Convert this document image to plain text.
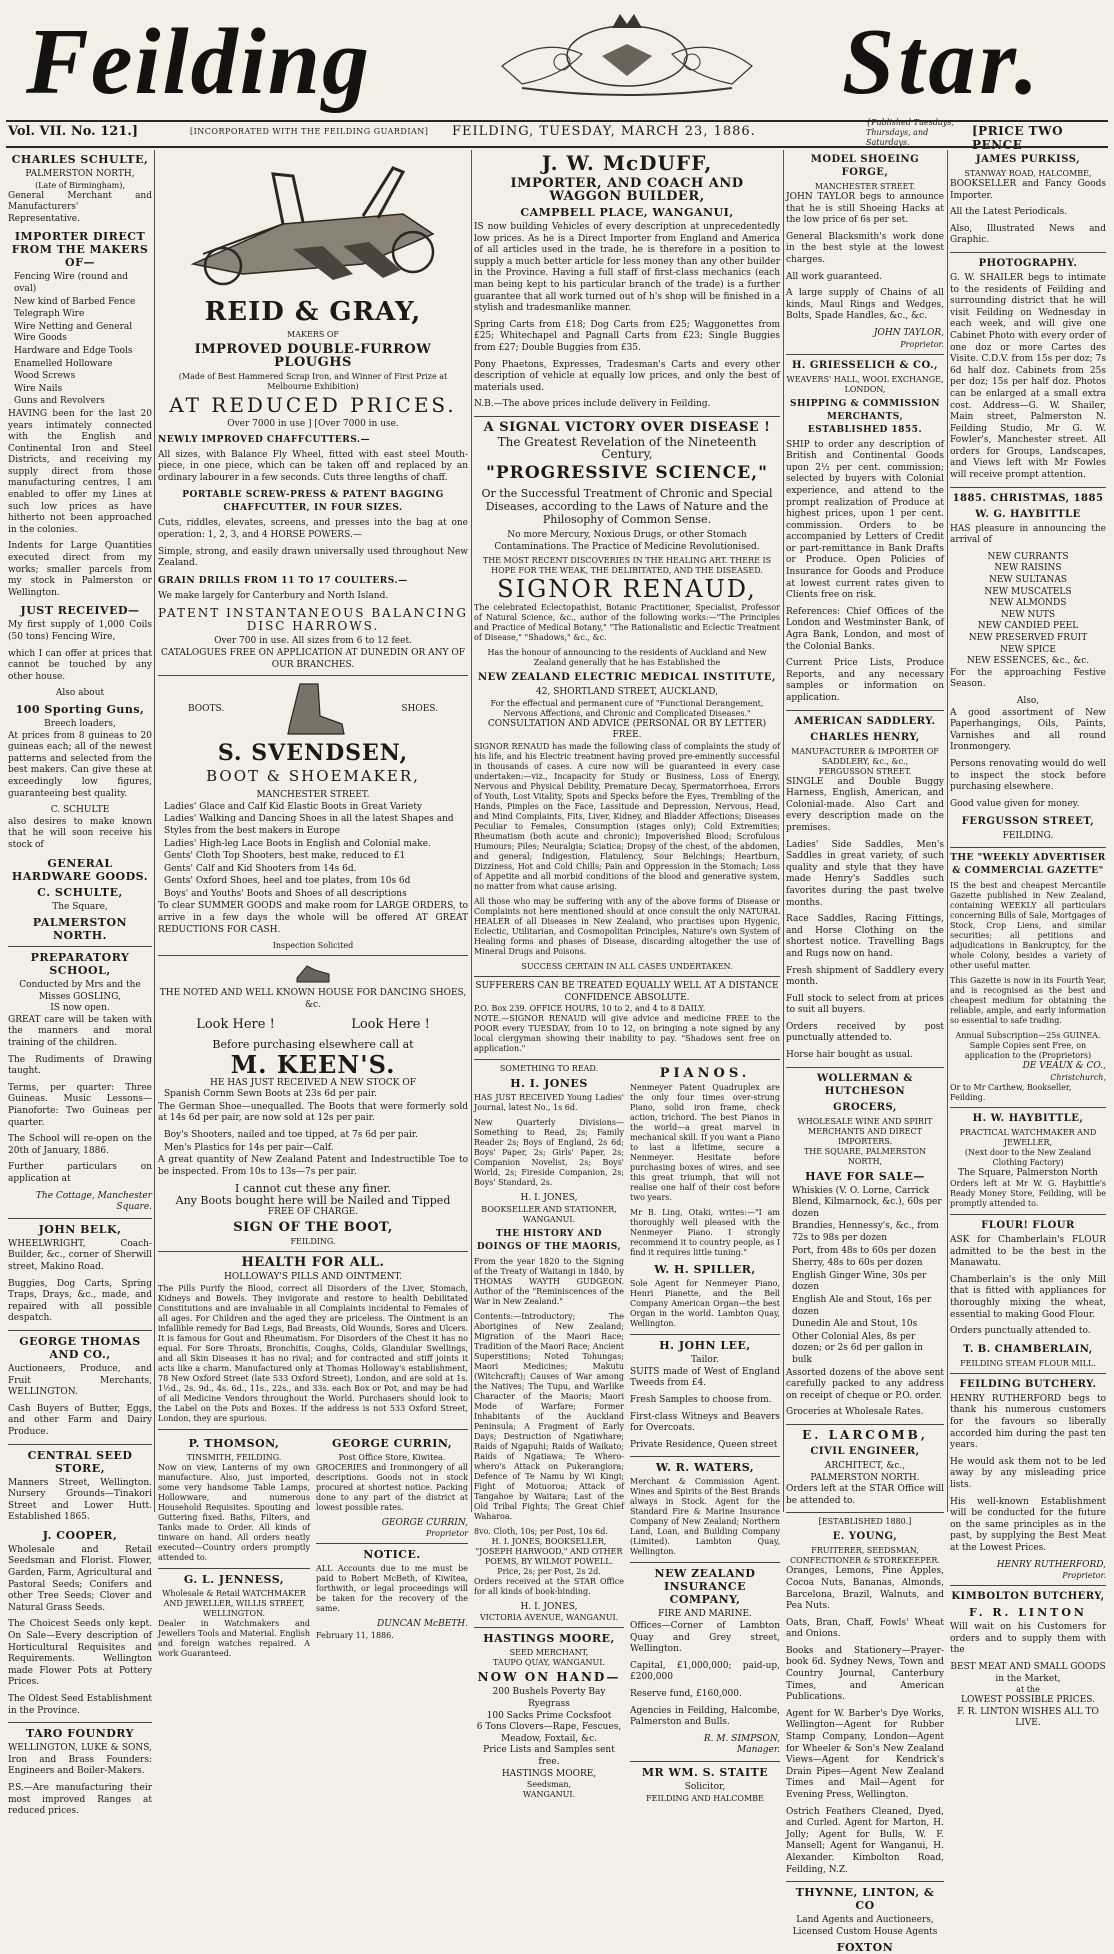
Feilding	Star.
Vol. VII. No. 121.]	[INCORPORATED WITH THE FEILDING GUARDIAN] FEILDING, TUESDAY, MARCH 23, 1886.
{Published Tuesdays, Thursdays, and Saturdays.
[PRICE TWO PENCE
CHARLES SCHULTE,
PALMERSTON NORTH,
(Late of Birmingham),

General Merchant and Manufacturers' Representative.

IMPORTER DIRECT FROM THE MAKERS OF—
Fencing Wire (round and oval)
New kind of Barbed Fence
Telegraph Wire
Wire Netting and General Wire Goods
Hardware and Edge Tools
Enamelled Holloware
Wood Screws
Wire Nails
Guns and Revolvers

HAVING been for the last 20 years intimately connected with the English and Continental Iron and Steel Districts, and receiving my supply direct from those manufacturing centres, I am enabled to offer my Lines at such low prices as have hitherto not been approached in the colonies.

Indents for Large Quantities executed direct from my works; smaller parcels from my stock in Palmerston or Wellington.

JUST RECEIVED—

My first supply of 1,000 Coils (50 tons) Fencing Wire,

which I can offer at prices that cannot be touched by any other house.

Also about
100 Sporting Guns,
Breech loaders,

At prices from 8 guineas to 20 guineas each; all of the newest patterns and selected from the best makers. Can give these at exceedingly low figures, guaranteeing best quality.

C. SCHULTE

also desires to make known that he will soon receive his stock of

GENERAL HARDWARE GOODS.
C. SCHULTE,
The Square,
PALMERSTON NORTH.
PREPARATORY SCHOOL,
Conducted by Mrs and the Misses GOSLING,
IS now open.

GREAT care will be taken with the manners and moral training of the children.

The Rudiments of Drawing taught.

Terms, per quarter: Three Guineas. Music Lessons—Pianoforte: Two Guineas per quarter.

The School will re-open on the 20th of January, 1886.

Further particulars on application at

The Cottage, Manchester Square.
JOHN BELK,

WHEELWRIGHT, Coach-Builder, &c., corner of Sherwill street, Makino Road.

Buggies, Dog Carts, Spring Traps, Drays, &c., made, and repaired with all possible despatch.

GEORGE THOMAS AND CO.,

Auctioneers, Produce, and Fruit Merchants, WELLINGTON.

Cash Buyers of Butter, Eggs, and other Farm and Dairy Produce.

CENTRAL SEED STORE,

Manners Street, Wellington. Nursery Grounds—Tinakori Street and Lower Hutt. Established 1865.

J. COOPER,

Wholesale and Retail Seedsman and Florist. Flower, Garden, Farm, Agricultural and Pastoral Seeds; Conifers and other Tree Seeds; Clover and Natural Grass Seeds.

The Choicest Seeds only kept. On Sale—Every description of Horticultural Requisites and Requirements. Wellington made Flower Pots at Pottery Prices.

The Oldest Seed Establishment in the Province.

TARO FOUNDRY

WELLINGTON, LUKE & SONS, Iron and Brass Founders: Engineers and Boiler-Makers.

P.S.—Are manufacturing their most improved Ranges at reduced prices.

REID & GRAY,
MAKERS OF
IMPROVED DOUBLE-FURROW PLOUGHS
(Made of Best Hammered Scrap Iron, and Winner of First Prize at Melbourne Exhibition)
AT REDUCED PRICES.
Over 7000 in use ] [Over 7000 in use.
NEWLY IMPROVED CHAFFCUTTERS.—

All sizes, with Balance Fly Wheel, fitted with east steel Mouth-piece, in one piece, which can be taken off and replaced by an ordinary labourer in a few seconds. Cuts three lengths of chaff.

PORTABLE SCREW-PRESS & PATENT BAGGING CHAFFCUTTER, IN FOUR SIZES.

Cuts, riddles, elevates, screens, and presses into the bag at one operation: 1, 2, 3, and 4 HORSE POWERS.—

Simple, strong, and easily drawn universally used throughout New Zealand.

GRAIN DRILLS FROM 11 TO 17 COULTERS.—

We make largely for Canterbury and North Island.

PATENT INSTANTANEOUS BALANCING DISC HARROWS.
Over 700 in use. All sizes from 6 to 12 feet.
CATALOGUES FREE ON APPLICATION AT DUNEDIN OR ANY OF OUR BRANCHES.
BOOTS.	SHOES.
S. SVENDSEN,
BOOT & SHOEMAKER,
MANCHESTER STREET.
Ladies' Glace and Calf Kid Elastic Boots in Great Variety
Ladies' Walking and Dancing Shoes in all the latest Shapes and Styles from the best makers in Europe
Ladies' High-leg Lace Boots in English and Colonial make.
Gents' Cloth Top Shooters, best make, reduced to £1
Gents' Calf and Kid Shooters from 14s 6d.
Gents' Oxford Shoes, heel and toe plates, from 10s 6d
Boys' and Youths' Boots and Shoes of all descriptions

To clear SUMMER GOODS and make room for LARGE ORDERS, to arrive in a few days the whole will be offered AT GREAT REDUCTIONS FOR CASH.

Inspection Solicited
THE NOTED AND WELL KNOWN HOUSE FOR DANCING SHOES, &c.
Look Here !	Look Here !
Before purchasing elsewhere call at
M. KEEN'S.
HE HAS JUST RECEIVED A NEW STOCK OF
Spanish Cornm Sewn Boots at 23s 6d per pair.

The German Shoe—unequalled. The Boots that were formerly sold at 14s 6d per pair, are now sold at 12s per pair.

Boy's Shooters, nailed and toe tipped, at 7s 6d per pair.
Men's Plastics for 14s per pair—Calf.

A great quantity of New Zealand Patent and Indestructible Toe to be inspected. From 10s to 13s—7s per pair.

I cannot cut these any finer.
Any Boots bought here will be Nailed and Tipped
FREE OF CHARGE.
SIGN OF THE BOOT,
FEILDING.
HEALTH FOR ALL.
HOLLOWAY'S PILLS AND OINTMENT.

The Pills Purify the Blood, correct all Disorders of the Liver, Stomach, Kidneys and Bowels. They invigorate and restore to health Debilitated Constitutions and are invaluable in all Complaints incidental to Females of all ages. For Children and the aged they are priceless. The Ointment is an infallible remedy for Bad Legs, Bad Breasts, Old Wounds, Sores and Ulcers. It is famous for Gout and Rheumatism. For Disorders of the Chest it has no equal. For Sore Throats, Bronchitis, Coughs, Colds, Glandular Swellings, and all Skin Diseases it has no rival; and for contracted and stiff joints it acts like a charm. Manufactured only at Thomas Holloway's establishment, 78 New Oxford Street (late 533 Oxford Street), London, and are sold at 1s. 1½d., 2s. 9d., 4s. 6d., 11s., 22s., and 33s. each Box or Pot, and may be had of all Medicine Vendors throughout the World. Purchasers should look to the Label on the Pots and Boxes. If the address is not 533 Oxford Street, London, they are spurious.

P. THOMSON,
TINSMITH, FEILDING.

Now on view, Lanterns of my own manufacture. Also, just imported, some very handsome Table Lamps, Hollowware, and numerous Household Requisites. Spouting and Guttering fixed. Baths, Filters, and Tanks made to Order. All kinds of tinware on hand. All orders neatly executed—Country orders promptly attended to.

G. L. JENNESS,
Wholesale & Retail WATCHMAKER AND JEWELLER, WILLIS STREET, WELLINGTON.

Dealer in Watchmakers and Jewellers Tools and Material. English and foreign watches repaired. A work Guaranteed.

GEORGE CURRIN,
Post Office Store, Kiwitea.

GROCERIES and Ironmongery of all descriptions. Goods not in stock procured at shortest notice. Packing done to any part of the district at lowest possible rates.

GEORGE CURRIN,
Proprietor
NOTICE.

ALL Accounts due to me must be paid to Robert McBeth, of Kiwitea, forthwith, or legal proceedings will be taken for the recovery of the same.

DUNCAN McBETH.
February 11, 1886.
J. W. McDUFF,
IMPORTER, AND COACH AND WAGGON BUILDER,
CAMPBELL PLACE, WANGANUI,

IS now building Vehicles of every description at unprecedentedly low prices. As he is a Direct Importer from England and America of all articles used in the trade, he is therefore in a position to supply a much better article for less money than any other builder in the Province. Having a full staff of first-class mechanics (each man being kept to his particular branch of the trade) is a further guarantee that all work turned out of h's shop will be finished in a stylish and tradesmanlike manner.

Spring Carts from £18; Dog Carts from £25; Waggonettes from £25; Whitechapel and Pagnall Carts from £23; Single Buggies from £27; Double Buggies from £35.

Pony Phaetons, Expresses, Tradesman's Carts and every other description of vehicle at equally low prices, and only the best of materials used.

N.B.—The above prices include delivery in Feilding.

A SIGNAL VICTORY OVER DISEASE !
The Greatest Revelation of the Nineteenth Century,
"PROGRESSIVE SCIENCE,"
Or the Successful Treatment of Chronic and Special Diseases, according to the Laws of Nature and the Philosophy of Common Sense.
No more Mercury, Noxious Drugs, or other Stomach Contaminations. The Practice of Medicine Revolutionised.
THE MOST RECENT DISCOVERIES IN THE HEALING ART. THERE IS HOPE FOR THE WEAK, THE DELIBITATED, AND THE DISEASED.
SIGNOR RENAUD,

The celebrated Eclectopathist, Botanic Practitioner, Specialist, Professor of Natural Science, &c., author of the following works:—"The Principles and Practice of Medical Botany," "The Rationalistic and Eclectic Treatment of Disease," "Shadows," &c., &c.

Has the honour of announcing to the residents of Auckland and New Zealand generally that he has Established the
NEW ZEALAND ELECTRIC MEDICAL INSTITUTE,
42, SHORTLAND STREET, AUCKLAND,
For the effectual and permanent cure of "Functional Derangement, Nervous Affections, and Chronic and Complicated Diseases."
CONSULTATION AND ADVICE (PERSONAL OR BY LETTER) FREE.

SIGNOR RENAUD has made the following class of complaints the study of his life, and his Electric treatment having proved pre-eminently successful in thousands of cases. A cure now will be guaranteed in every case undertaken:—viz., Incapacity for Study or Business, Loss of Energy, Nervous and Physical Debility, Premature Decay, Spermatorrhoea, Errors of Youth, Lost Vitality, Spots and Specks before the Eyes, Trembling of the Hands, Pimples on the Face, Lassitude and Depression, Nervous, Head, and Mind Complaints, Fits, Liver, Kidney, and Bladder Affections; Diseases Peculiar to Females, Consumption (stages only); Cold Extremities; Rheumatism (both acute and chronic); Impoverished Blood; Scrofulous Humours; Piles; Neuralgia; Sciatica; Dropsy of the chest, of the abdomen, and general; Indigestion, Flatulency, Sour Belchings; Heartburn, Dizziness, Hot and Cold Chills; Pain and Oppression in the Stomach; Loss of Appetite and all morbid conditions of the blood and generative system, no matter from what cause arising.

All those who may be suffering with any of the above forms of Disease or Complaints not here mentioned should at once consult the only NATURAL HEALER of all Diseases in New Zealand, who practises upon Hygenic, Eclectic, Utilitarian, and Cosmopolitan Principles, Nature's own System of Healing forms and phases of Disease, discarding altogether the use of Mineral Drugs and Poisons.

SUCCESS CERTAIN IN ALL CASES UNDERTAKEN.
SUFFERERS CAN BE TREATED EQUALLY WELL AT A DISTANCE CONFIDENCE ABSOLUTE.
P.O. Box 239. OFFICE HOURS, 10 to 2, and 4 to 8 DAILY.

NOTE.—SIGNOR RENAUD will give advice and medicine FREE to the POOR every TUESDAY, from 10 to 12, on bringing a note signed by any local clergyman showing their inability to pay. "Shadows sent free on application."

SOMETHING TO READ.
H. I. JONES

HAS JUST RECEIVED Young Ladies' Journal, latest No., 1s 6d.

New Quarterly Divisions—Something to Read, 2s; Family Reader 2s; Boys of England, 2s 6d; Boys' Paper, 2s; Girls' Paper, 2s; Companion Novelist, 2s; Boys' World, 2s; Fireside Companion, 2s; Boys' Standard, 2s.

H. I. JONES,
BOOKSELLER AND STATIONER, WANGANUI.
THE HISTORY AND DOINGS OF THE MAORIS,

From the year 1820 to the Signing of the Treaty of Waitangi in 1840, by THOMAS WAYTH GUDGEON. Author of the "Reminiscences of the War in New Zealand."

Contents:—Introductory; The Aborigines of New Zealand; Migration of the Maori Race; Tradition of the Maori Race; Ancient Superstitions; Noted Tohungas; Maori Medicines; Makutu (Witchcraft); Causes of War among the Natives; The Tupu, and Warlike Character of the Maoris; Maori Mode of Warfare; Former Inhabitants of the Auckland Peninsula; A Fragment of Early Days; Destruction of Ngatiwhare; Raids of Ngapuhi; Raids of Waikato; Raids of Ngatiawa; Te Whero-whero's Attack on Pukerangiora; Defence of Te Namu by Wi Kingi; Fight of Motuoroa; Attack of Tangahoe by Waitara; Last of the Old Tribal Fights; The Great Chief Waharoa.

8vo. Cloth, 10s; per Post, 10s 6d.
H. I. JONES, BOOKSELLER,
"JOSEPH HARWOOD," AND OTHER POEMS, BY WILMOT POWELL.
Price, 2s; per Post, 2s 2d.

Orders received at the STAR Office for all kinds of book-binding.

H. I. JONES,
VICTORIA AVENUE, WANGANUI.
HASTINGS MOORE,
SEED MERCHANT,
TAUPO QUAY, WANGANUI.
NOW ON HAND—
200 Bushels Poverty Bay Ryegrass
100 Sacks Prime Cocksfoot
6 Tons Clovers—Rape, Fescues, Meadow, Foxtail, &c.
Price Lists and Samples sent free.
HASTINGS MOORE,
Seedsman,
WANGANUI.
PIANOS.

Nenmeyer Patent Quadruplex are the only four times over-strung Piano, solid iron frame, check action, trichord. The best Pianos in the world—a great marvel in mechanical skill. If you want a Piano to last a lifetime, secure a Nenmeyer. Hesitate before purchasing boxes of wires, and see this great triumph, that will not realise one half of their cost before two years.

Mr B. Ling, Otaki, writes:—"I am thoroughly well pleased with the Nenmeyer Piano. I strongly recommend it to country people, as I find it requires little tuning."

W. H. SPILLER,

Sole Agent for Nenmeyer Piano, Henri Pianette, and the Bell Company American Organ—the best Organ in the world. Lambton Quay, Wellington.

H. JOHN LEE,
Tailor.

SUITS made of West of England Tweeds from £4.

Fresh Samples to choose from.

First-class Witneys and Beavers for Overcoats.

Private Residence, Queen street

W. R. WATERS,

Merchant & Commission Agent. Wines and Spirits of the Best Brands always in Stock. Agent for the Standard Fire & Marine Insurance Company of New Zealand; Northern Land, Loan, and Building Company (Limited). Lambton Quay, Wellington.

NEW ZEALAND INSURANCE COMPANY,
FIRE AND MARINE.

Offices—Corner of Lambton Quay and Grey street, Wellington.

Capital, £1,000,000; paid-up, £200,000

Reserve fund, £160,000.

Agencies in Feilding, Halcombe, Palmerston and Bulls.

R. M. SIMPSON,
Manager.
MR WM. S. STAITE
Solicitor,
FEILDING AND HALCOMBE
MODEL SHOEING FORGE,
MANCHESTER STREET.

JOHN TAYLOR begs to announce that he is still Shoeing Hacks at the low price of 6s per set.

General Blacksmith's work done in the best style at the lowest charges.

All work guaranteed.

A large supply of Chains of all kinds, Maul Rings and Wedges, Bolts, Spade Handles, &c., &c.

JOHN TAYLOR,
Proprietor.
H. GRIESSELICH & CO.,
WEAVERS' HALL, WOOL EXCHANGE, LONDON,
SHIPPING & COMMISSION MERCHANTS, ESTABLISHED 1855.

SHIP to order any description of British and Continental Goods upon 2½ per cent. commission; selected by buyers with Colonial experience, and attend to the prompt realization of Produce at highest prices, upon 1 per cent. commission. Orders to be accompanied by Letters of Credit or part-remittance in Bank Drafts or Produce. Open Policies of Insurance for Goods and Produce at lowest current rates given to Clients free on risk.

References: Chief Offices of the London and Westminster Bank, of Agra Bank, London, and most of the Colonial Banks.

Current Price Lists, Produce Reports, and any necessary samples or information on application.

AMERICAN SADDLERY.
CHARLES HENRY,
MANUFACTURER & IMPORTER OF SADDLERY, &c., &c.,
FERGUSSON STREET.

SINGLE and Double Buggy Harness, English, American, and Colonial-made. Also Cart and every description made on the premises.

Ladies' Side Saddles, Men's Saddles in great variety, of such quality and style that they have made Henry's Saddles such favorites during the past twelve months.

Race Saddles, Racing Fittings, and Horse Clothing on the shortest notice. Travelling Bags and Rugs now on hand.

Fresh shipment of Saddlery every month.

Full stock to select from at prices to suit all buyers.

Orders received by post punctually attended to.

Horse hair bought as usual.

WOLLERMAN & HUTCHESON
GROCERS,
WHOLESALE WINE AND SPIRIT MERCHANTS AND DIRECT IMPORTERS.
THE SQUARE, PALMERSTON NORTH,
HAVE FOR SALE—
Whiskies (V. O. Lorne, Carrick Blend, Kilmarnock, &c.), 60s per dozen
Brandies, Hennessy's, &c., from 72s to 98s per dozen
Port, from 48s to 60s per dozen
Sherry, 48s to 60s per dozen
English Ginger Wine, 30s per dozen
English Ale and Stout, 16s per dozen
Dunedin Ale and Stout, 10s
Other Colonial Ales, 8s per dozen; or 2s 6d per gallon in bulk

Assorted dozens of the above sent carefully packed to any address on receipt of cheque or P.O. order.

Groceries at Wholesale Rates.

E. LARCOMB,
CIVIL ENGINEER,
ARCHITECT, &c.,
PALMERSTON NORTH.

Orders left at the STAR Office will be attended to.

[ESTABLISHED 1880.]
E. YOUNG,
FRUITERER, SEEDSMAN, CONFECTIONER & STOREKEEPER.

Oranges, Lemons, Pine Apples, Cocoa Nuts, Bananas, Almonds, Barcelona, Brazil, Walnuts, and Pea Nuts.

Oats, Bran, Chaff, Fowls' Wheat and Onions.

Books and Stationery—Prayer-book 6d. Sydney News, Town and Country Journal, Canterbury Times, and American Publications.

Agent for W. Barber's Dye Works, Wellington—Agent for Rubber Stamp Company, London—Agent for Wheeler & Son's New Zealand Views—Agent for Kendrick's Drain Pipes—Agent New Zealand Times and Mail—Agent for Evening Press, Wellington.

Ostrich Feathers Cleaned, Dyed, and Curled. Agent for Marton, H. Jolly; Agent for Bulls, W. F. Mansell; Agent for Wanganui, H. Alexander. Kimbolton Road, Feilding, N.Z.

THYNNE, LINTON, & CO
Land Agents and Auctioneers,
Licensed Custom House Agents
FOXTON
JAMES PURKISS,
STANWAY ROAD, HALCOMBE,

BOOKSELLER and Fancy Goods Importer.

All the Latest Periodicals.

Also, Illustrated News and Graphic.

PHOTOGRAPHY.

G. W. SHAILER begs to intimate to the residents of Feilding and surrounding district that he will visit Feilding on Wednesday in each week, and will give one Cabinet Photo with every order of one doz or more Cartes des Visite. C.D.V. from 15s per doz; 7s 6d half doz. Cabinets from 25s per doz; 15s per half doz. Photos can be enlarged at a small extra cost. Address—G. W. Shailer, Main street, Palmerston N. Feilding Studio, Mr G. W. Fowler's, Manchester street. All orders for Groups, Landscapes, and Views left with Mr Fowles will receive prompt attention.

1885. CHRISTMAS, 1885
W. G. HAYBITTLE

HAS pleasure in announcing the arrival of

NEW CURRANTS
NEW RAISINS
NEW SULTANAS
NEW MUSCATELS
NEW ALMONDS
NEW NUTS
NEW CANDIED PEEL
NEW PRESERVED FRUIT
NEW SPICE
NEW ESSENCES, &c., &c.

For the approaching Festive Season.

Also,

A good assortment of New Paperhangings, Oils, Paints, Varnishes and all round Ironmongery.

Persons renovating would do well to inspect the stock before purchasing elsewhere.

Good value given for money.

FERGUSSON STREET,
FEILDING.
THE "WEEKLY ADVERTISER & COMMERCIAL GAZETTE"

IS the best and cheapest Mercantile Gazette published in New Zealand, containing WEEKLY all particulars concerning Bills of Sale, Mortgages of Stock, Crop Liens, and similar securities; all petitions and adjudications in Bankruptcy, for the whole Colony, besides a variety of other useful matter.

This Gazette is now in its Fourth Year, and is recognised as the best and cheapest medium for obtaining the reliable, ample, and early information so essential to safe trading.

Annual Subscription—25s GUINEA.
Sample Copies sent Free, on application to the (Proprietors)
DE VEAUX & CO.,
Christchurch,
Or to Mr Carthew, Bookseller, Feilding.
H. W. HAYBITTLE,
PRACTICAL WATCHMAKER AND JEWELLER,
(Next door to the New Zealand Clothing Factory)
The Square, Palmerston North

Orders left at Mr W. G. Haybittle's Ready Money Store, Feilding, will be promptly attended to.

FLOUR! FLOUR

ASK for Chamberlain's FLOUR admitted to be the best in the Manawatu.

Chamberlain's is the only Mill that is fitted with appliances for thoroughly mixing the wheat, essential to making Good Flour.

Orders punctually attended to.

T. B. CHAMBERLAIN,
FEILDING STEAM FLOUR MILL.
FEILDING BUTCHERY.

HENRY RUTHERFORD begs to thank his numerous customers for the favours so liberally accorded him during the past ten years.

He would ask them not to be led away by any misleading price lists.

His well-known Establishment will be conducted for the future on the same principles as in the past, by supplying the Best Meat at the Lowest Prices.

HENRY RUTHERFORD,
Proprietor.
KIMBOLTON BUTCHERY,
F. R. LINTON

Will wait on his Customers for orders and to supply them with the

BEST MEAT AND SMALL GOODS
in the Market,
at the
LOWEST POSSIBLE PRICES.
F. R. LINTON WISHES ALL TO LIVE.
